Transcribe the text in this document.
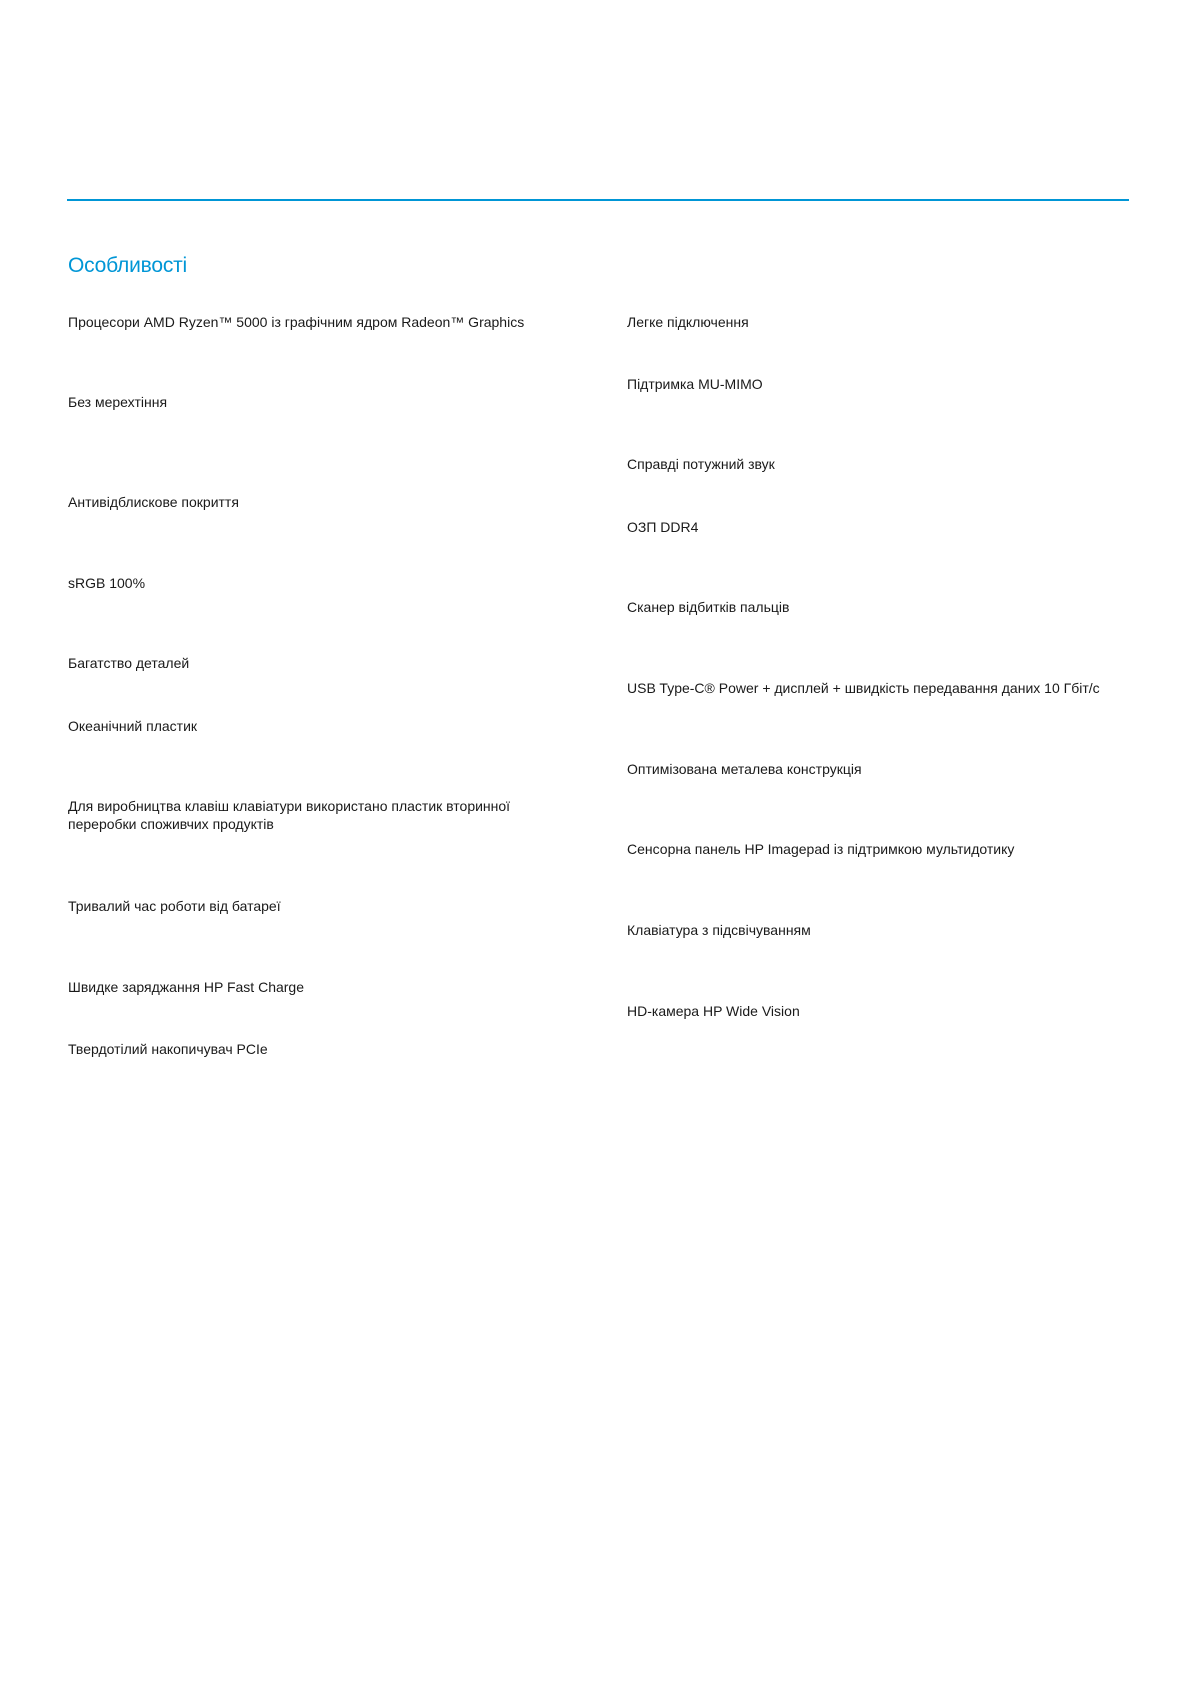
Особливості

Процесори AMD Ryzen™ 5000 із графічним ядром Radeon™ Graphics

Без мерехтіння

Антивідблискове покриття

sRGB 100%

Багатство деталей

Океанічний пластик

Для виробництва клавіш клавіатури використано пластик вторинної переробки споживчих продуктів

Тривалий час роботи від батареї

Швидке заряджання HP Fast Charge

Твердотілий накопичувач PCIe

Легке підключення

Підтримка MU-MIMO

Справді потужний звук

ОЗП DDR4

Сканер відбитків пальців

USB Type-C® Power + дисплей + швидкість передавання даних 10 Гбіт/с

Оптимізована металева конструкція

Сенсорна панель HP Imagepad із підтримкою мультидотику

Клавіатура з підсвічуванням

HD-камера HP Wide Vision
